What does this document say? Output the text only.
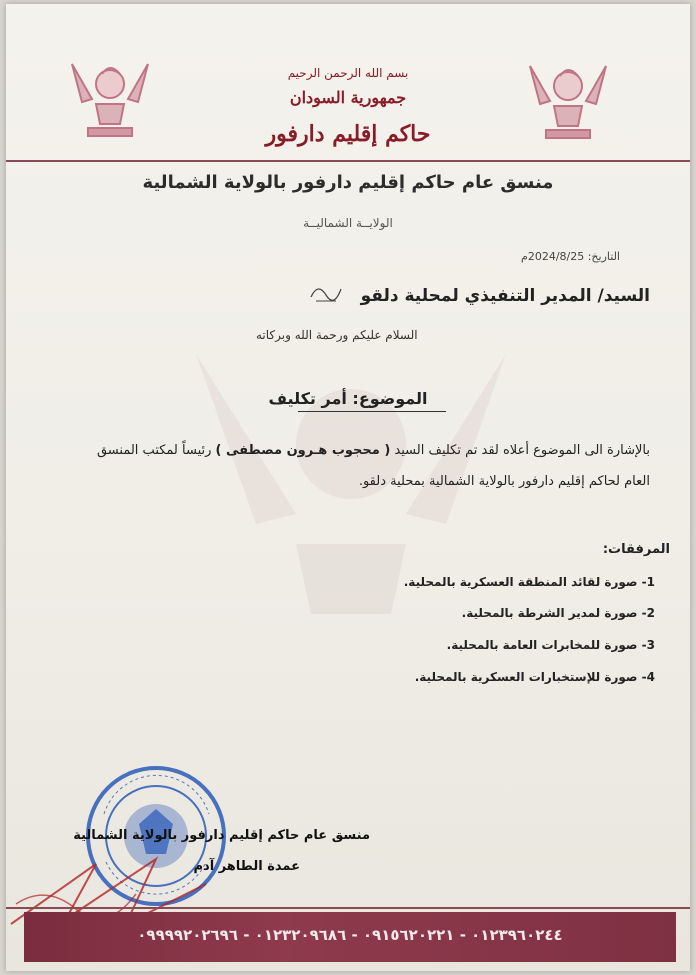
بسم الله الرحمن الرحيم
جمهورية السودان
حاكم إقليم دارفور
منسق عام حاكم إقليم دارفور بالولاية الشمالية
الولايــة الشماليــة
التاريخ: 2024/8/25م
السيد/ المدير التنفيذي لمحلية دلقو
السلام عليكم ورحمة الله وبركاته
الموضوع: أمر تكليف
بالإشارة الى الموضوع أعلاه لقد تم تكليف السيد ( محجوب هـرون مصطفى ) رئيساً لمكتب المنسق
العام لحاكم إقليم دارفور بالولاية الشمالية بمحلية دلقو.
المرفقات:
1- صورة لقائد المنطقة العسكرية بالمحلية.
2- صورة لمدير الشرطة بالمحلية.
3- صورة للمخابرات العامة بالمحلية.
4- صورة للإستخبارات العسكرية بالمحلية.
منسق عام حاكم إقليم دارفور بالولاية الشمالية
عمدة الطاهر آدم
٠١٢٣٩٦٠٢٤٤ - ٠٩١٥٦٢٠٢٢١ - ٠١٢٣٢٠٩٦٨٦ - ٠٩٩٩٩٢٠٢٦٩٦
